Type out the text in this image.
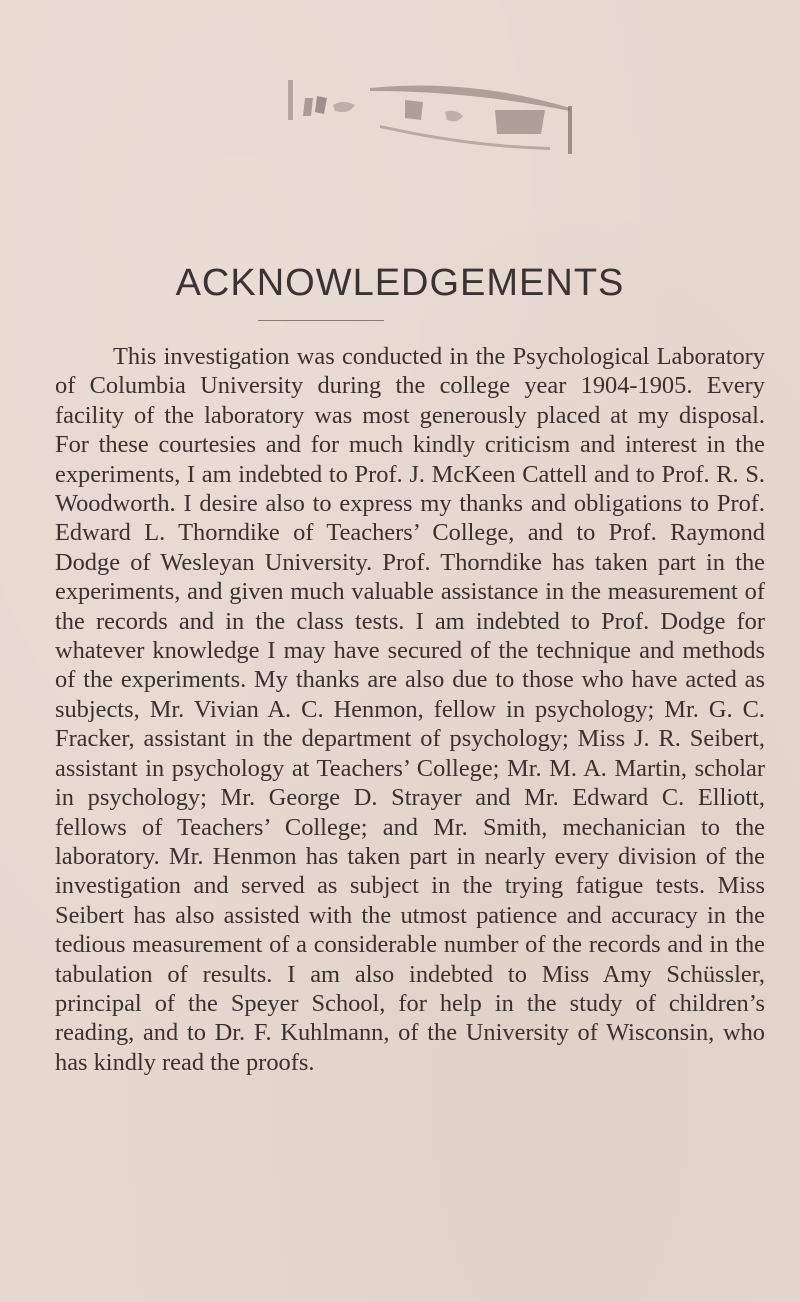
ACKNOWLEDGEMENTS

This investigation was conducted in the Psychological Laboratory of Columbia University during the college year 1904-1905. Every facility of the laboratory was most generously placed at my disposal. For these courtesies and for much kindly criticism and interest in the experiments, I am indebted to Prof. J. McKeen Cattell and to Prof. R. S. Woodworth. I desire also to express my thanks and obligations to Prof. Edward L. Thorndike of Teachers’ College, and to Prof. Raymond Dodge of Wesleyan University. Prof. Thorndike has taken part in the experiments, and given much valuable assistance in the measurement of the records and in the class tests. I am indebted to Prof. Dodge for whatever knowledge I may have secured of the technique and methods of the experiments. My thanks are also due to those who have acted as subjects, Mr. Vivian A. C. Henmon, fellow in psychology; Mr. G. C. Fracker, assistant in the department of psychology; Miss J. R. Seibert, assistant in psychology at Teachers’ College; Mr. M. A. Martin, scholar in psychology; Mr. George D. Strayer and Mr. Edward C. Elliott, fellows of Teachers’ College; and Mr. Smith, mechanician to the laboratory. Mr. Henmon has taken part in nearly every division of the investigation and served as subject in the trying fatigue tests. Miss Seibert has also assisted with the utmost patience and accuracy in the tedious measurement of a considerable number of the records and in the tabulation of results. I am also indebted to Miss Amy Schüssler, principal of the Speyer School, for help in the study of children’s reading, and to Dr. F. Kuhlmann, of the University of Wisconsin, who has kindly read the proofs.
